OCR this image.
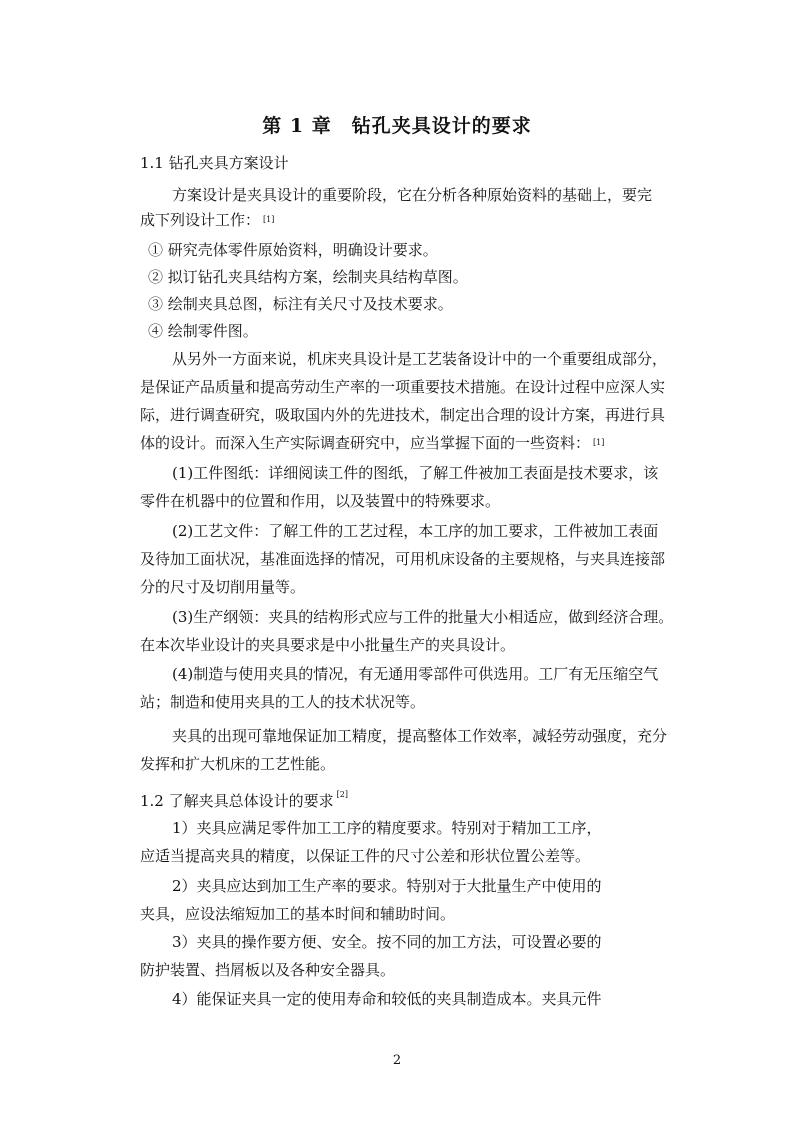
第 1 章　钻孔夹具设计的要求
1.1 钻孔夹具方案设计
方案设计是夹具设计的重要阶段，它在分析各种原始资料的基础上，要完
成下列设计工作： [1]
① 研究壳体零件原始资料，明确设计要求。
② 拟订钻孔夹具结构方案，绘制夹具结构草图。
③ 绘制夹具总图，标注有关尺寸及技术要求。
④ 绘制零件图。
从另外一方面来说，机床夹具设计是工艺装备设计中的一个重要组成部分，
是保证产品质量和提高劳动生产率的一项重要技术措施。在设计过程中应深人实
际，进行调查研究，吸取国内外的先进技术，制定出合理的设计方案，再进行具
体的设计。而深入生产实际调查研究中，应当掌握下面的一些资料： [1]
(1)工件图纸：详细阅读工件的图纸，了解工件被加工表面是技术要求，该
零件在机器中的位置和作用，以及装置中的特殊要求。
(2)工艺文件：了解工件的工艺过程，本工序的加工要求，工件被加工表面
及待加工面状况，基准面选择的情况，可用机床设备的主要规格，与夹具连接部
分的尺寸及切削用量等。
(3)生产纲领：夹具的结构形式应与工件的批量大小相适应，做到经济合理。
在本次毕业设计的夹具要求是中小批量生产的夹具设计。
(4)制造与使用夹具的情况，有无通用零部件可供选用。工厂有无压缩空气
站；制造和使用夹具的工人的技术状况等。
夹具的出现可靠地保证加工精度，提高整体工作效率，减轻劳动强度，充分
发挥和扩大机床的工艺性能。
1.2 了解夹具总体设计的要求 [2]
1）夹具应满足零件加工工序的精度要求。特别对于精加工工序，
应适当提高夹具的精度，以保证工件的尺寸公差和形状位置公差等。
2）夹具应达到加工生产率的要求。特别对于大批量生产中使用的
夹具，应设法缩短加工的基本时间和辅助时间。
3）夹具的操作要方便、安全。按不同的加工方法，可设置必要的
防护装置、挡屑板以及各种安全器具。
4）能保证夹具一定的使用寿命和较低的夹具制造成本。夹具元件
2
